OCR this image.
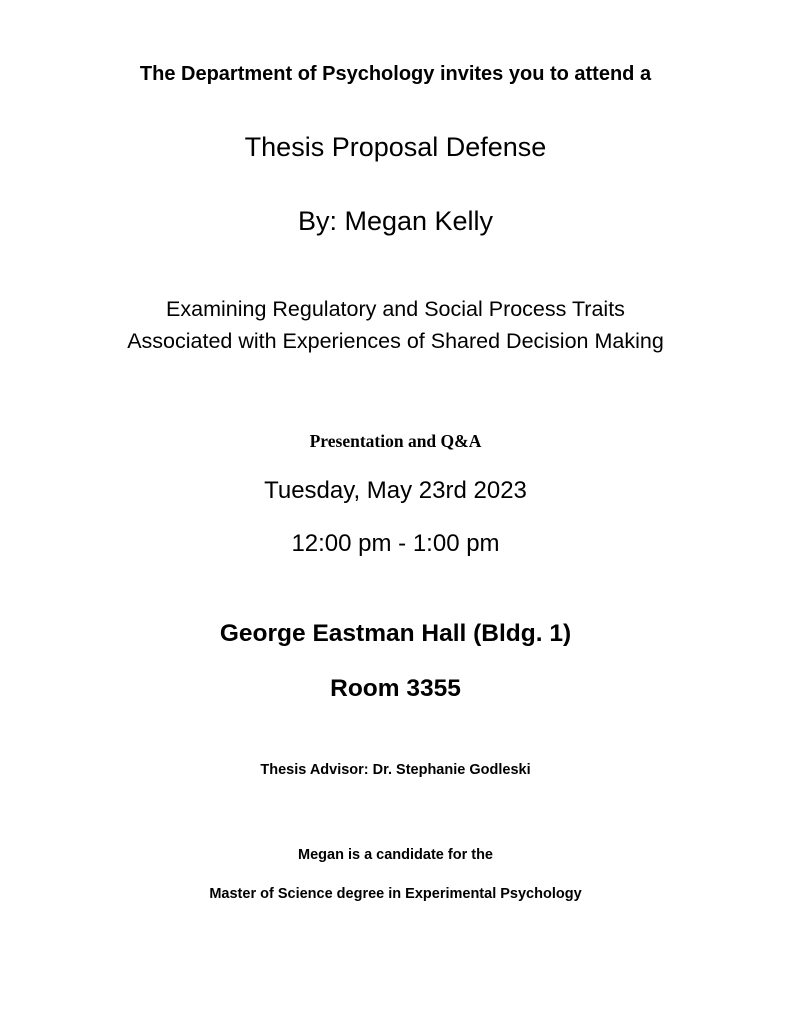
The Department of Psychology invites you to attend a
Thesis Proposal Defense
By: Megan Kelly
Examining Regulatory and Social Process Traits
Associated with Experiences of Shared Decision Making
Presentation and Q&A
Tuesday, May 23rd 2023
12:00 pm - 1:00 pm
George Eastman Hall (Bldg. 1)
Room 3355
Thesis Advisor: Dr. Stephanie Godleski
Megan is a candidate for the
Master of Science degree in Experimental Psychology
